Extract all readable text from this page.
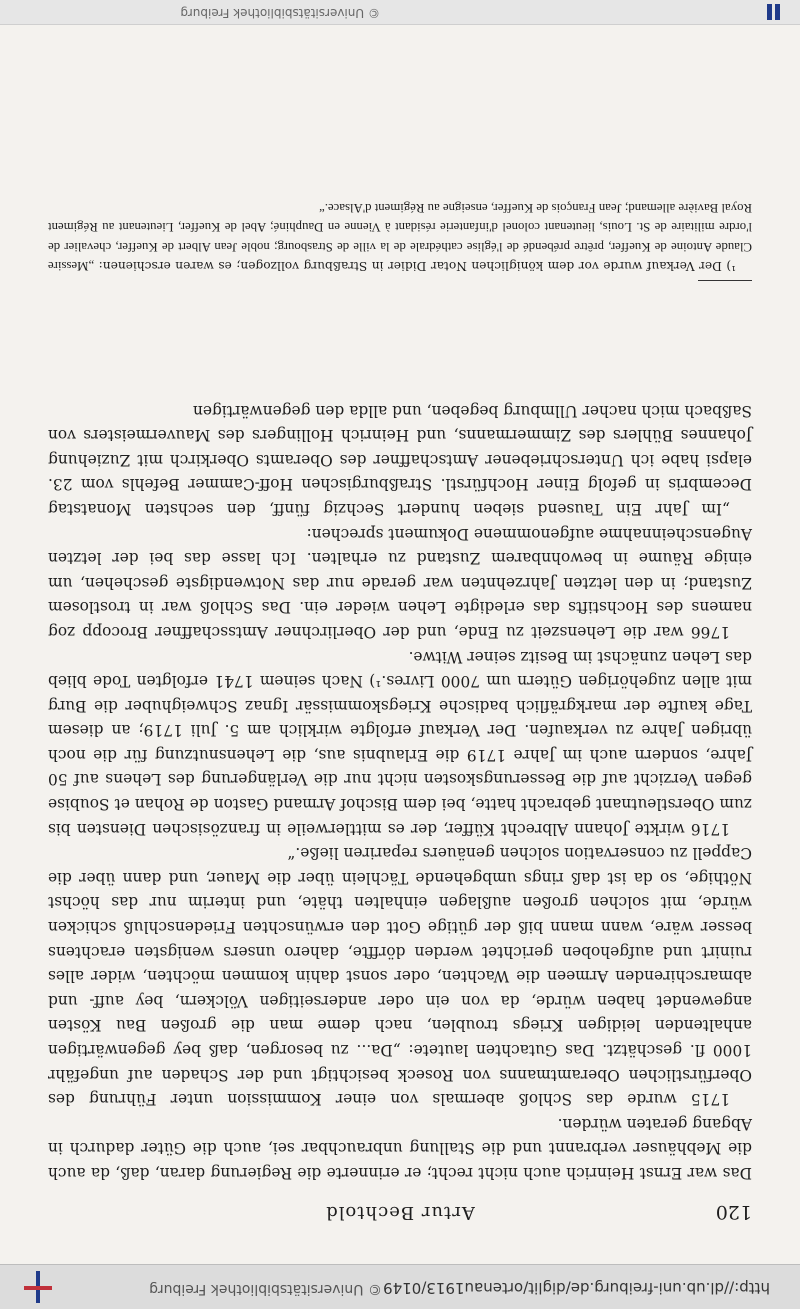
http://dl.ub.uni-freiburg.de/diglit/ortenau1913/0149
© Universitätsbibliothek Freiburg
120
Artur Bechtold

Das war Ernst Heinrich auch nicht recht; er erinnerte die Regierung daran, daß, da auch die Mebhäuser verbrannt und die Stallung unbrauchbar sei, auch die Güter dadurch in Abgang geraten würden.

1715 wurde das Schloß abermals von einer Kommission unter Führung des Oberfürstlichen Oberamtmanns von Roseck besichtigt und der Schaden auf ungefähr 1000 fl. geschätzt. Das Gutachten lautete: „Da... zu besorgen, daß bey gegenwärtigen anhaltenden leidigen Kriegs troublen, nach deme man die großen Bau Kösten angewendet haben würde, da von ein oder anderseitigen Völckern, bey auff- und abmarschirenden Armeen die Wachten, oder sonst dahin kommen möchten, wider alles ruinirt und aufgehoben gerichtet werden dörffte, dahero unsers wenigsten erachtens besser wäre, wann mann biß der gütige Gott den erwünschten Friedenschluß schicken würde, mit solchen großen außlagen einhalten thäte, und interim nur das höchst Nöthige, so da ist daß rings umbgehende Tächlein über die Mauer, und dann über die Cappell zu conservation solchen genäuers repariren ließe.“

1716 wirkte Johann Albrecht Küffer, der es mittlerweile in französischen Diensten bis zum Oberstleutnant gebracht hatte, bei dem Bischof Armand Gaston de Rohan et Soubise gegen Verzicht auf die Besserungskosten nicht nur die Verlängerung des Lehens auf 50 Jahre, sondern auch im Jahre 1719 die Erlaubnis aus, die Lehensnutzung für die noch übrigen Jahre zu verkaufen. Der Verkauf erfolgte wirklich am 5. Juli 1719; an diesem Tage kaufte der markgräflich badische Kriegskommissär Ignaz Schweighuber die Burg mit allen zugehörigen Gütern um 7000 Livres.¹) Nach seinem 1741 erfolgten Tode blieb das Lehen zunächst im Besitz seiner Witwe.

1766 war die Lehenszeit zu Ende, und der Oberlirchner Amtsschaffner Brocopp zog namens des Hochstifts das erledigte Lehen wieder ein. Das Schloß war in trostlosem Zustand; in den letzten Jahrzehnten war gerade nur das Notwendigste geschehen, um einige Räume in bewohnbarem Zustand zu erhalten. Ich lasse das bei der letzten Augenscheinnahme aufgenommene Dokument sprechen:

„Im Jahr Ein Tausend sieben hundert Sechzig fünff, den sechsten Monatstag Decembris in gefolg Einer Hochfürstl. Straßburgischen Hoff-Cammer Befehls vom 23. elapsi habe ich Unterschriebener Amtschaffner des Oberamts Oberkirch mit Zuziehung Johannes Bühlers des Zimmermanns, und Heinrich Hollingers des Mauvermeisters von Saßbach mich nacher Ullmburg begeben, und allda den gegenwärtigen

¹) Der Verkauf wurde vor dem königlichen Notar Didier in Straßburg vollzogen; es waren erschienen: „Messire Claude Antoine de Kueffer, prêtre prébendé de l'église cathédrale de la ville de Strasbourg; noble Jean Albert de Kueffer, chevalier de l'ordre militaire de St. Louis, lieutenant colonel d'infanterie résidant à Vienne en Dauphiné; Abel de Kueffer, Lieutenant au Régiment Royal Bavière allemand; Jean François de Kueffer, enseigne au Régiment d'Alsace.“

© Universitätsbibliothek Freiburg
